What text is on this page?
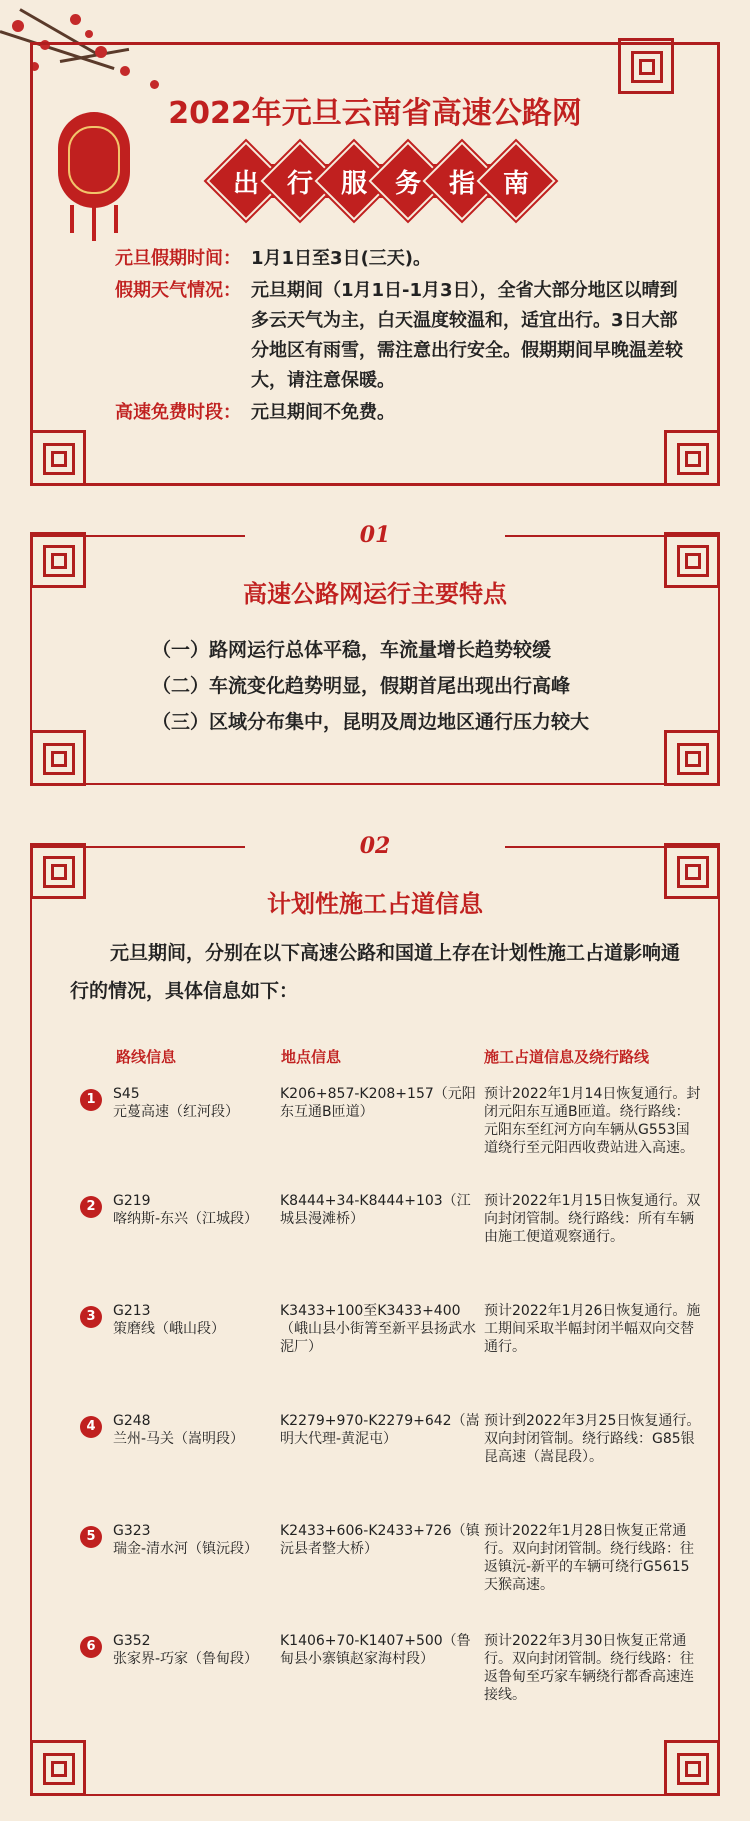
2022年元旦云南省高速公路网
出	行	服	务	指	南
元旦假期时间： 1月1日至3日(三天)。
假期天气情况： 元旦期间（1月1日-1月3日），全省大部分地区以晴到多云天气为主，白天温度较温和，适宜出行。3日大部分地区有雨雪，需注意出行安全。假期期间早晚温差较大，请注意保暖。
高速免费时段： 元旦期间不免费。
01
高速公路网运行主要特点
（一）路网运行总体平稳，车流量增长趋势较缓
（二）车流变化趋势明显，假期首尾出现出行高峰
（三）区域分布集中，昆明及周边地区通行压力较大
02
计划性施工占道信息
元旦期间，分别在以下高速公路和国道上存在计划性施工占道影响通行的情况，具体信息如下：
路线信息	地点信息	施工占道信息及绕行路线
1	S45
元蔓高速（红河段）
K206+857-K208+157（元阳东互通B匝道）
预计2022年1月14日恢复通行。封闭元阳东互通B匝道。绕行路线：元阳东至红河方向车辆从G553国道绕行至元阳西收费站进入高速。
2	G219
喀纳斯-东兴（江城段）
K8444+34-K8444+103（江城县漫滩桥）
预计2022年1月15日恢复通行。双向封闭管制。绕行路线：所有车辆由施工便道观察通行。
3	G213
策磨线（峨山段）
K3433+100至K3433+400（峨山县小街箐至新平县扬武水泥厂）
预计2022年1月26日恢复通行。施工期间采取半幅封闭半幅双向交替通行。
4	G248
兰州-马关（嵩明段）
K2279+970-K2279+642（嵩明大代理-黄泥屯）
预计到2022年3月25日恢复通行。双向封闭管制。绕行路线：G85银昆高速（嵩昆段）。
5	G323
瑞金-清水河（镇沅段）
K2433+606-K2433+726（镇沅县者整大桥）
预计2022年1月28日恢复正常通行。双向封闭管制。绕行线路：往返镇沅-新平的车辆可绕行G5615天猴高速。
6	G352
张家界-巧家（鲁甸段）
K1406+70-K1407+500（鲁甸县小寨镇赵家海村段）
预计2022年3月30日恢复正常通行。双向封闭管制。绕行线路：往返鲁甸至巧家车辆绕行都香高速连接线。
